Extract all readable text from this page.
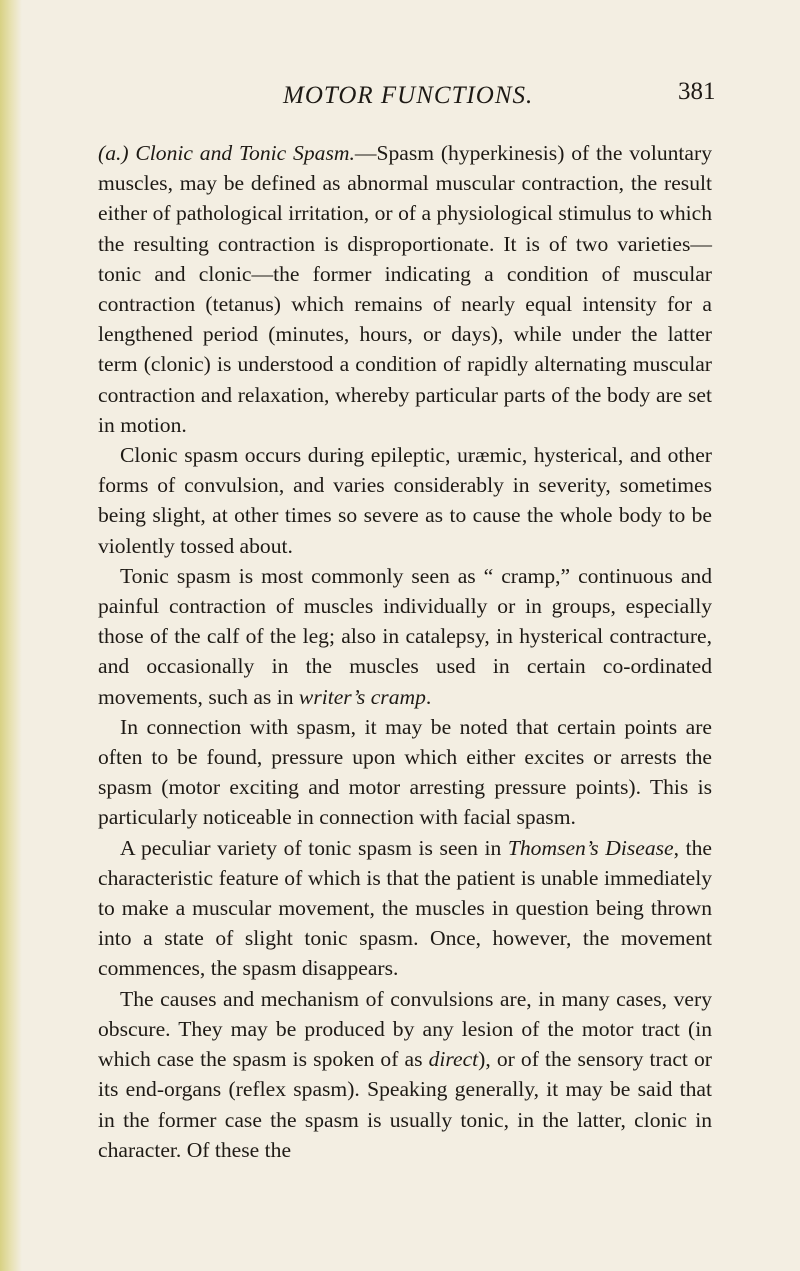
MOTOR FUNCTIONS.	381

(a.) Clonic and Tonic Spasm.—Spasm (hyperkinesis) of the voluntary muscles, may be defined as abnormal muscular contraction, the result either of pathological irritation, or of a physiological stimulus to which the resulting contraction is disproportionate. It is of two varieties—tonic and clonic—the former indicating a condition of muscular contraction (tetanus) which remains of nearly equal intensity for a lengthened period (minutes, hours, or days), while under the latter term (clonic) is understood a condition of rapidly alternating muscular contraction and relaxation, whereby particular parts of the body are set in motion.

Clonic spasm occurs during epileptic, uræmic, hysterical, and other forms of convulsion, and varies considerably in severity, sometimes being slight, at other times so severe as to cause the whole body to be violently tossed about.

Tonic spasm is most commonly seen as “ cramp,” continuous and painful contraction of muscles individually or in groups, especially those of the calf of the leg; also in catalepsy, in hysterical contracture, and occasionally in the muscles used in certain co-ordinated movements, such as in writer’s cramp.

In connection with spasm, it may be noted that certain points are often to be found, pressure upon which either excites or arrests the spasm (motor exciting and motor arresting pressure points). This is particularly noticeable in connection with facial spasm.

A peculiar variety of tonic spasm is seen in Thomsen’s Disease, the characteristic feature of which is that the patient is unable immediately to make a muscular movement, the muscles in question being thrown into a state of slight tonic spasm. Once, however, the movement commences, the spasm disappears.

The causes and mechanism of convulsions are, in many cases, very obscure. They may be produced by any lesion of the motor tract (in which case the spasm is spoken of as direct), or of the sensory tract or its end-organs (reflex spasm). Speaking generally, it may be said that in the former case the spasm is usually tonic, in the latter, clonic in character. Of these the
